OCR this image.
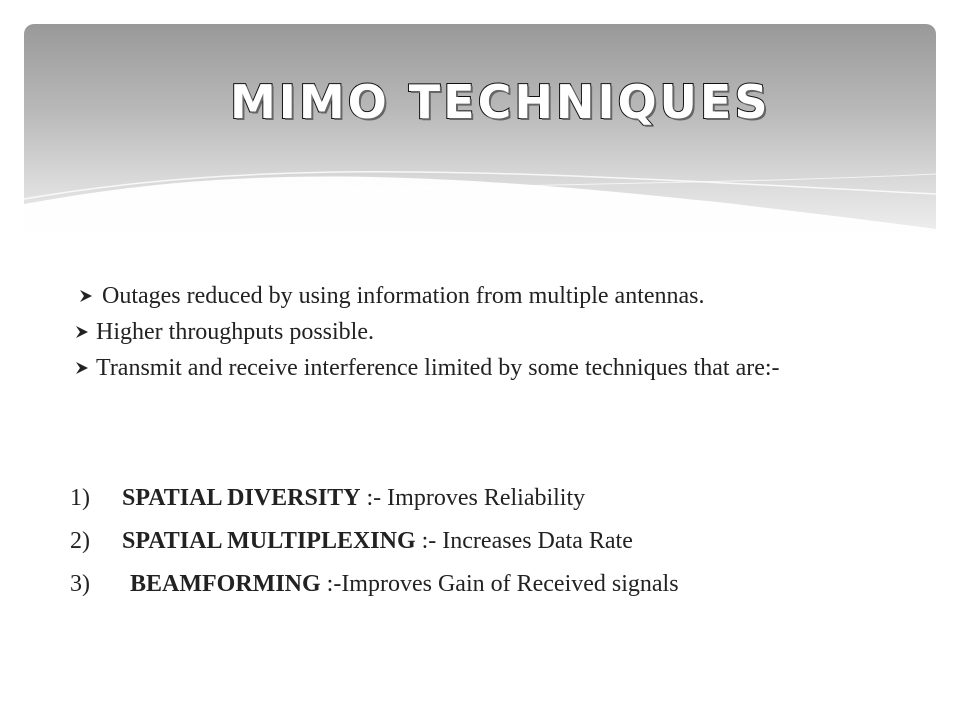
MIMO TECHNIQUES
Outages reduced by using information from multiple antennas.
Higher throughputs possible.
Transmit and receive interference limited by some techniques that are:-
1) SPATIAL DIVERSITY :- Improves Reliability
2) SPATIAL MULTIPLEXING :- Increases Data Rate
3) BEAMFORMING :-Improves Gain of Received signals
